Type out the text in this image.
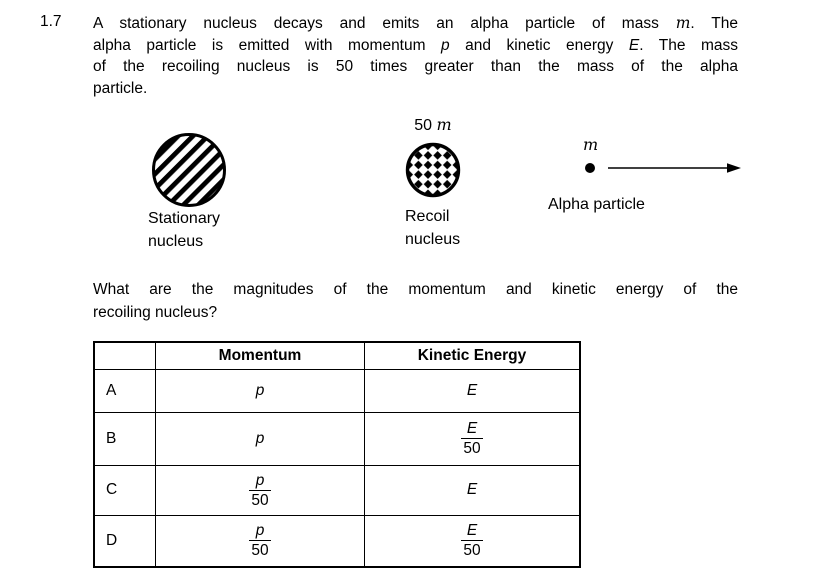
1.7 A stationary nucleus decays and emits an alpha particle of mass m. The
alpha particle is emitted with momentum p and kinetic energy E. The mass
of the recoiling nucleus is 50 times greater than the mass of the alpha
particle.
Stationary
nucleus
50 m
Recoil
nucleus
m
Alpha particle
What are the magnitudes of the momentum and kinetic energy of the
recoiling nucleus?
	Momentum	Kinetic Energy
A	p	E
B	p	$\frac{E}{50}$

C	$\frac{p}{50}$	E
D	$\frac{p}{50}$	$\frac{E}{50}$
